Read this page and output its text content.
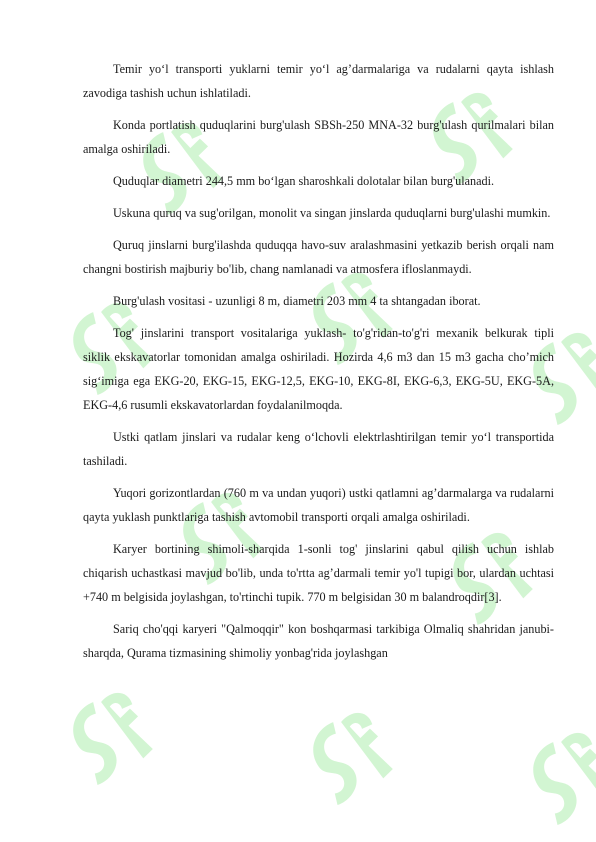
Temir yo‘l transporti yuklarni temir yo‘l ag’darmalariga va rudalarni qayta ishlash zavodiga tashish uchun ishlatiladi.

Konda portlatish quduqlarini burg'ulash SBSh-250 MNA-32 burg'ulash qurilmalari bilan amalga oshiriladi.

Quduqlar diametri 244,5 mm bo‘lgan sharoshkali dolotalar bilan burg'ulanadi.

Uskuna quruq va sug'orilgan, monolit va singan jinslarda quduqlarni burg'ulashi mumkin.

Quruq jinslarni burg'ilashda quduqqa havo-suv aralashmasini yetkazib berish orqali nam changni bostirish majburiy bo'lib, chang namlanadi va atmosfera ifloslanmaydi.

Burg'ulash vositasi - uzunligi 8 m, diametri 203 mm 4 ta shtangadan iborat.

Tog' jinslarini transport vositalariga yuklash- to'g'ridan-to'g'ri mexanik belkurak tipli siklik ekskavatorlar tomonidan amalga oshiriladi. Hozirda 4,6 m3 dan 15 m3 gacha cho’mich sig‘imiga ega EKG-20, EKG-15, EKG-12,5, EKG-10, EKG-8I, EKG-6,3, EKG-5U, EKG-5A, EKG-4,6 rusumli ekskavatorlardan foydalanilmoqda.

Ustki qatlam jinslari va rudalar keng o‘lchovli elektrlashtirilgan temir yo‘l transportida tashiladi.

Yuqori gorizontlardan (760 m va undan yuqori) ustki qatlamni ag’darmalarga va rudalarni qayta yuklash punktlariga tashish avtomobil transporti orqali amalga oshiriladi.

Karyer bortining shimoli-sharqida 1-sonli tog' jinslarini qabul qilish uchun ishlab chiqarish uchastkasi mavjud bo'lib, unda to'rtta ag’darmali temir yo'l tupigi bor, ulardan uchtasi +740 m belgisida joylashgan, to'rtinchi tupik. 770 m belgisidan 30 m balandroqdir[3].

Sariq cho'qqi karyeri "Qalmoqqir" kon boshqarmasi tarkibiga Olmaliq shahridan janubi-sharqda, Qurama tizmasining shimoliy yonbag'rida joylashgan
